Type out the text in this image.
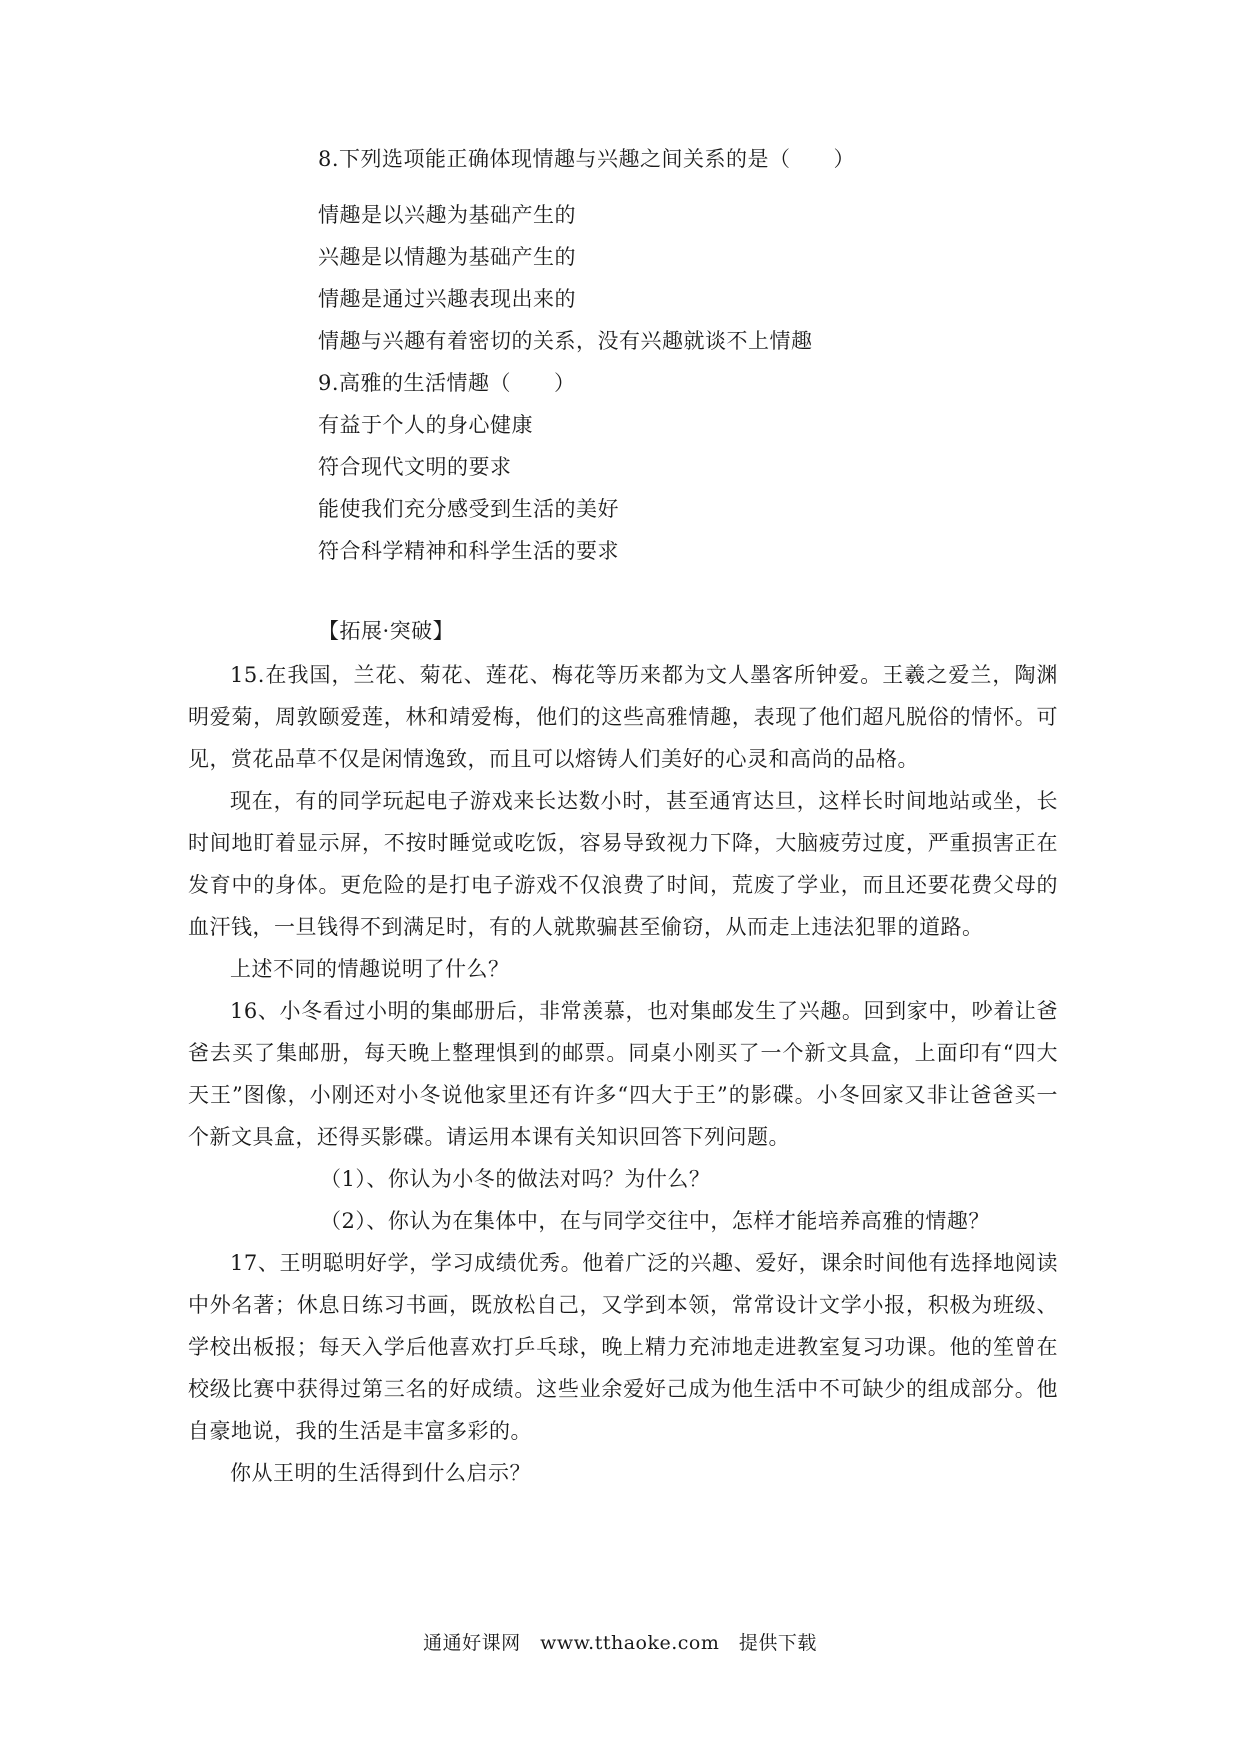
8.下列选项能正确体现情趣与兴趣之间关系的是（　　）
情趣是以兴趣为基础产生的
兴趣是以情趣为基础产生的
情趣是通过兴趣表现出来的
情趣与兴趣有着密切的关系，没有兴趣就谈不上情趣
9.高雅的生活情趣（　　）
有益于个人的身心健康
符合现代文明的要求
能使我们充分感受到生活的美好
符合科学精神和科学生活的要求
【拓展·突破】
15.在我国，兰花、菊花、莲花、梅花等历来都为文人墨客所钟爱。王羲之爱兰，陶渊明爱菊，周敦颐爱莲，林和靖爱梅，他们的这些高雅情趣，表现了他们超凡脱俗的情怀。可见，赏花品草不仅是闲情逸致，而且可以熔铸人们美好的心灵和高尚的品格。
现在，有的同学玩起电子游戏来长达数小时，甚至通宵达旦，这样长时间地站或坐，长时间地盯着显示屏，不按时睡觉或吃饭，容易导致视力下降，大脑疲劳过度，严重损害正在发育中的身体。更危险的是打电子游戏不仅浪费了时间，荒废了学业，而且还要花费父母的血汗钱，一旦钱得不到满足时，有的人就欺骗甚至偷窃，从而走上违法犯罪的道路。
上述不同的情趣说明了什么？
16、小冬看过小明的集邮册后，非常羡慕，也对集邮发生了兴趣。回到家中，吵着让爸爸去买了集邮册，每天晚上整理惧到的邮票。同桌小刚买了一个新文具盒，上面印有“四大天王”图像，小刚还对小冬说他家里还有许多“四大于王”的影碟。小冬回家又非让爸爸买一个新文具盒，还得买影碟。请运用本课有关知识回答下列问题。
（1）、你认为小冬的做法对吗？为什么？
（2）、你认为在集体中，在与同学交往中，怎样才能培养高雅的情趣？
17、王明聪明好学，学习成绩优秀。他着广泛的兴趣、爱好，课余时间他有选择地阅读中外名著；休息日练习书画，既放松自己，又学到本领，常常设计文学小报，积极为班级、学校出板报；每天入学后他喜欢打乒乓球，晚上精力充沛地走进教室复习功课。他的笙曾在校级比赛中获得过第三名的好成绩。这些业余爱好己成为他生活中不可缺少的组成部分。他自豪地说，我的生活是丰富多彩的。
你从王明的生活得到什么启示？
通通好课网　www.tthaoke.com　提供下载
